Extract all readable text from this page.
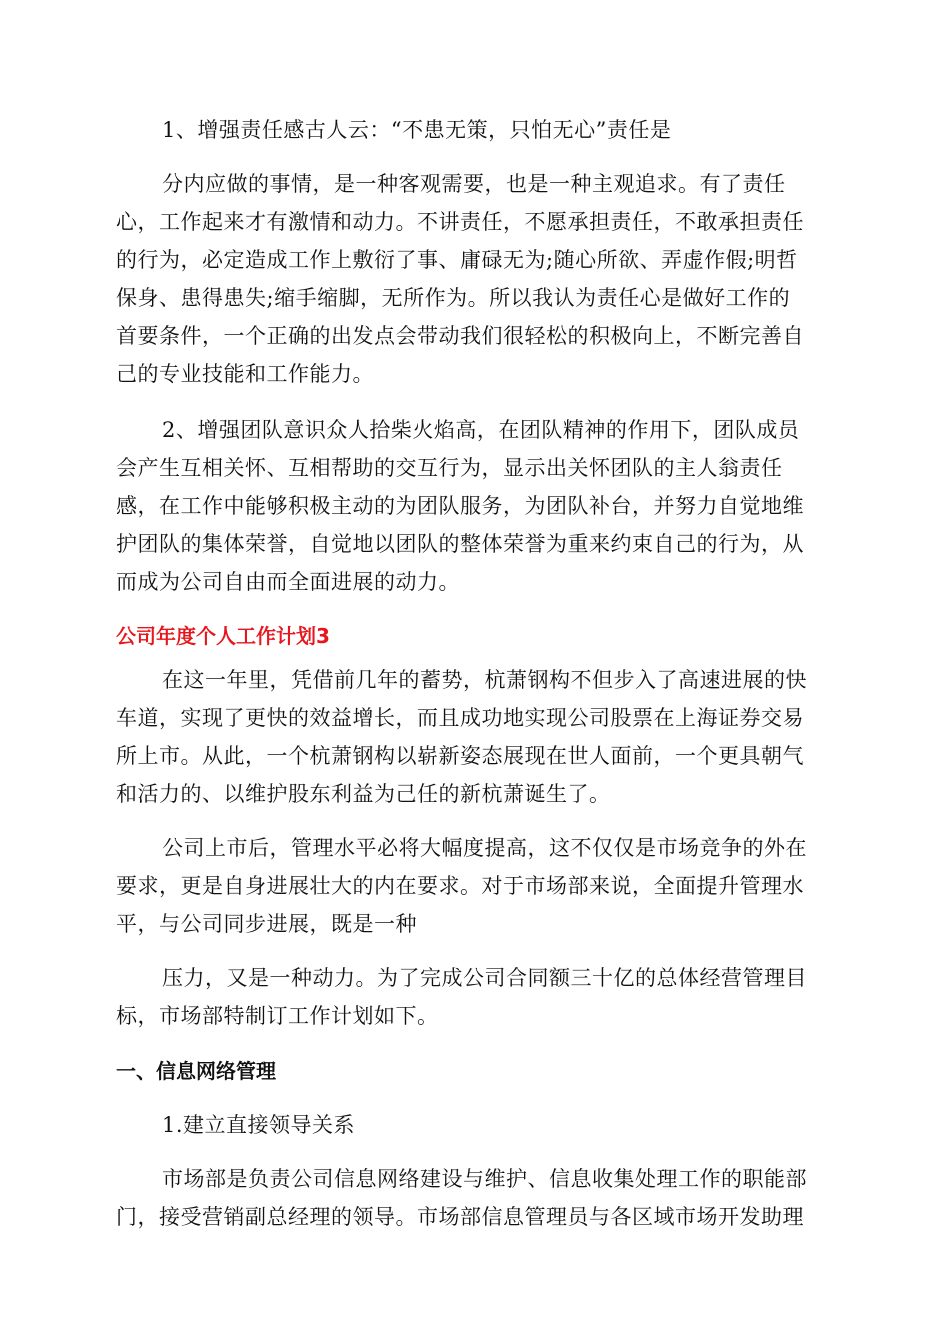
1、增强责任感古人云：“不患无策，只怕无心”责任是
分内应做的事情，是一种客观需要，也是一种主观追求。有了责任
心，工作起来才有激情和动力。不讲责任，不愿承担责任，不敢承担责任
的行为，必定造成工作上敷衍了事、庸碌无为;随心所欲、弄虚作假;明哲
保身、患得患失;缩手缩脚，无所作为。所以我认为责任心是做好工作的
首要条件，一个正确的出发点会带动我们很轻松的积极向上，不断完善自
己的专业技能和工作能力。
2、增强团队意识众人拾柴火焰高，在团队精神的作用下，团队成员
会产生互相关怀、互相帮助的交互行为，显示出关怀团队的主人翁责任
感，在工作中能够积极主动的为团队服务，为团队补台，并努力自觉地维
护团队的集体荣誉，自觉地以团队的整体荣誉为重来约束自己的行为，从
而成为公司自由而全面进展的动力。
公司年度个人工作计划3
在这一年里，凭借前几年的蓄势，杭萧钢构不但步入了高速进展的快
车道，实现了更快的效益增长，而且成功地实现公司股票在上海证券交易
所上市。从此，一个杭萧钢构以崭新姿态展现在世人面前，一个更具朝气
和活力的、以维护股东利益为己任的新杭萧诞生了。
公司上市后，管理水平必将大幅度提高，这不仅仅是市场竞争的外在
要求，更是自身进展壮大的内在要求。对于市场部来说，全面提升管理水
平，与公司同步进展，既是一种
压力，又是一种动力。为了完成公司合同额三十亿的总体经营管理目
标，市场部特制订工作计划如下。
一、信息网络管理
1.建立直接领导关系
市场部是负责公司信息网络建设与维护、信息收集处理工作的职能部
门，接受营销副总经理的领导。市场部信息管理员与各区域市场开发助理
